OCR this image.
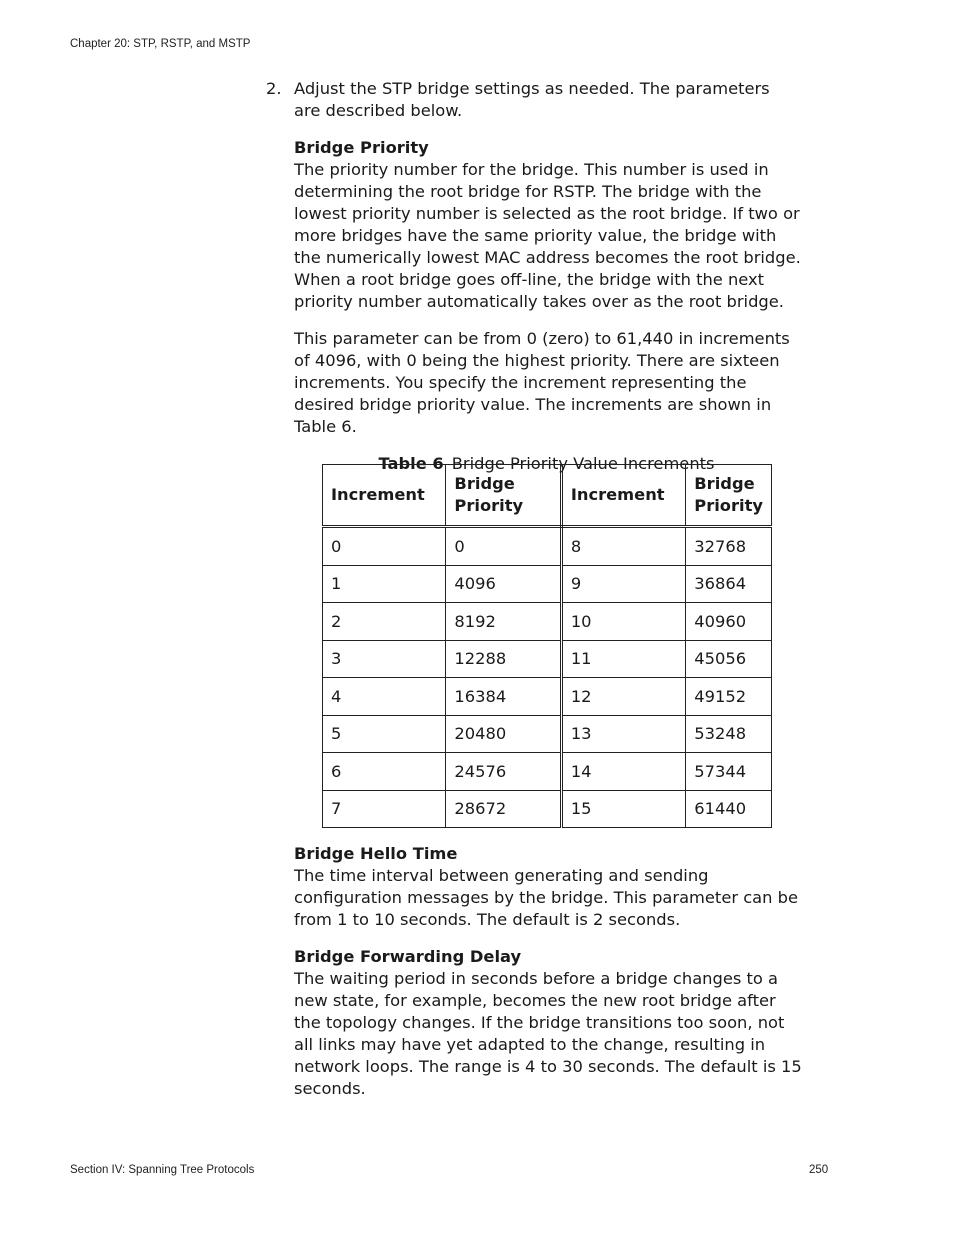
Chapter 20: STP, RSTP, and MSTP
2. Adjust the STP bridge settings as needed. The parameters are described below.
Bridge Priority
The priority number for the bridge. This number is used in determining the root bridge for RSTP. The bridge with the lowest priority number is selected as the root bridge. If two or more bridges have the same priority value, the bridge with the numerically lowest MAC address becomes the root bridge. When a root bridge goes off-line, the bridge with the next priority number automatically takes over as the root bridge.
This parameter can be from 0 (zero) to 61,440 in increments of 4096, with 0 being the highest priority. There are sixteen increments. You specify the increment representing the desired bridge priority value. The increments are shown in Table 6.
Table 6 Bridge Priority Value Increments
Increment	Bridge Priority	Increment	Bridge Priority
0	0	8	32768
1	4096	9	36864
2	8192	10	40960
3	12288	11	45056
4	16384	12	49152
5	20480	13	53248
6	24576	14	57344
7	28672	15	61440
Bridge Hello Time
The time interval between generating and sending configuration messages by the bridge. This parameter can be from 1 to 10 seconds. The default is 2 seconds.
Bridge Forwarding Delay
The waiting period in seconds before a bridge changes to a new state, for example, becomes the new root bridge after the topology changes. If the bridge transitions too soon, not all links may have yet adapted to the change, resulting in network loops. The range is 4 to 30 seconds. The default is 15 seconds.
Section IV: Spanning Tree Protocols	250
